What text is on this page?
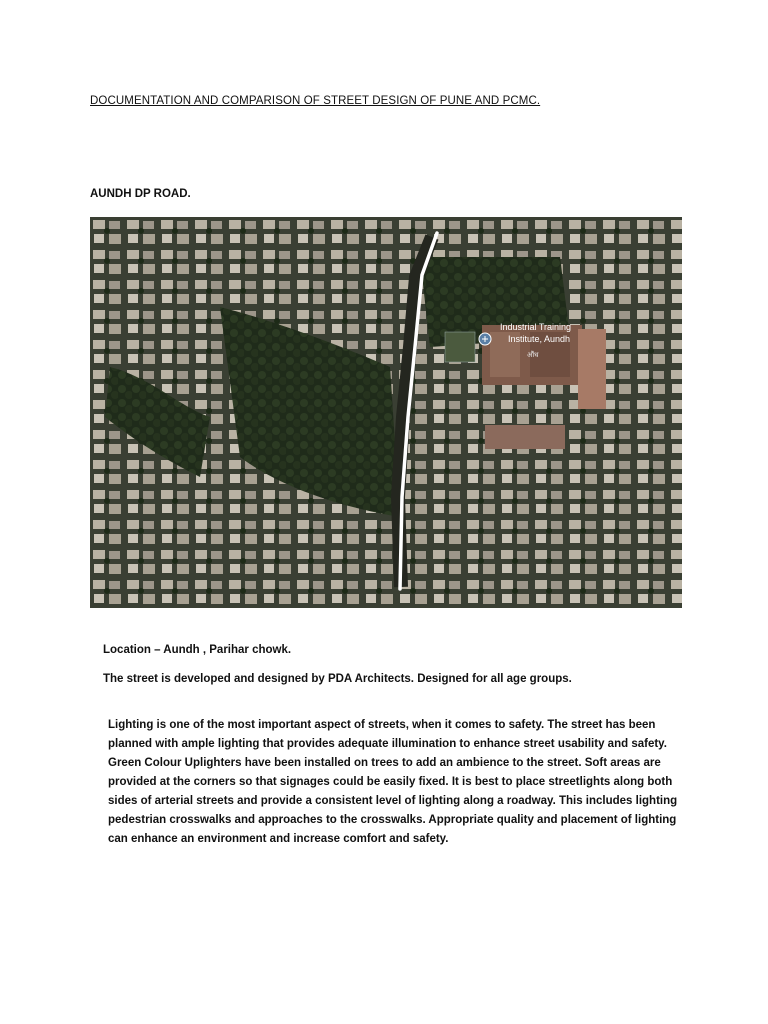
DOCUMENTATION AND COMPARISON OF STREET DESIGN OF PUNE AND PCMC.
AUNDH DP ROAD.
Industrial Training
Institute, Aundh
औंध
Location – Aundh , Parihar chowk.
The street is developed and designed by PDA Architects. Designed for all age groups.
Lighting is one of the most important aspect of streets, when it comes to safety. The street has been planned with ample lighting that provides adequate illumination to enhance street usability and safety. Green Colour Uplighters have been installed on trees to add an ambience to the street. Soft areas are provided at the corners so that signages could be easily fixed. It is best to place streetlights along both sides of arterial streets and provide a consistent level of lighting along a roadway. This includes lighting pedestrian crosswalks and approaches to the crosswalks. Appropriate quality and placement of lighting can enhance an environment and increase comfort and safety.
